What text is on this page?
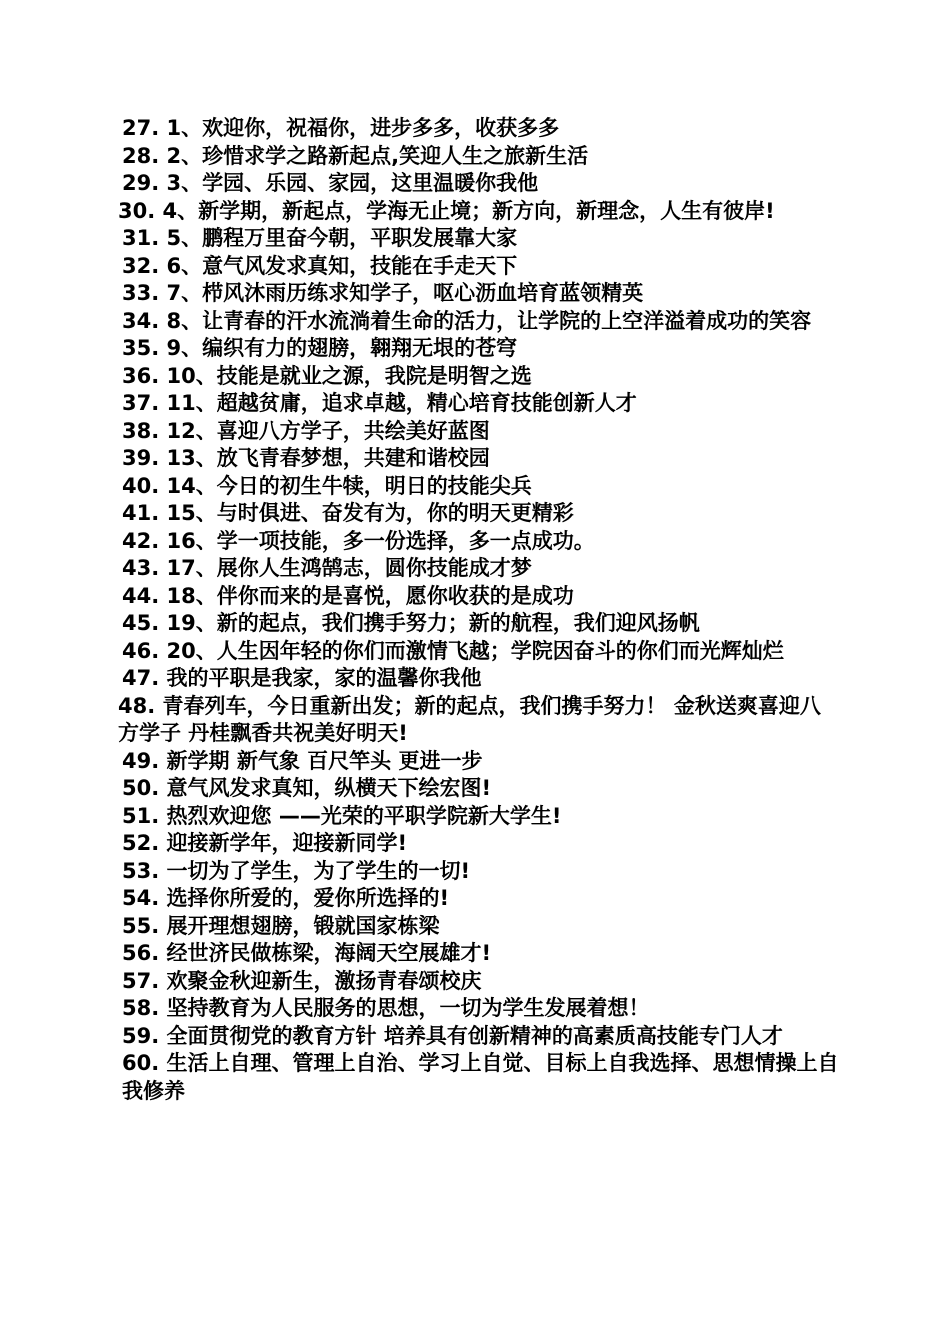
27. 1、欢迎你，祝福你，进步多多，收获多多

28. 2、珍惜求学之路新起点,笑迎人生之旅新生活

29. 3、学园、乐园、家园，这里温暖你我他

30. 4、新学期，新起点，学海无止境；新方向，新理念，人生有彼岸!

31. 5、鹏程万里奋今朝，平职发展靠大家

32. 6、意气风发求真知，技能在手走天下

33. 7、栉风沐雨历练求知学子，呕心沥血培育蓝领精英

34. 8、让青春的汗水流淌着生命的活力，让学院的上空洋溢着成功的笑容

35. 9、编织有力的翅膀，翱翔无垠的苍穹

36. 10、技能是就业之源，我院是明智之选

37. 11、超越贫庸，追求卓越，精心培育技能创新人才

38. 12、喜迎八方学子，共绘美好蓝图

39. 13、放飞青春梦想，共建和谐校园

40. 14、今日的初生牛犊，明日的技能尖兵

41. 15、与时俱进、奋发有为，你的明天更精彩

42. 16、学一项技能，多一份选择，多一点成功。

43. 17、展你人生鸿鹄志，圆你技能成才梦

44. 18、伴你而来的是喜悦，愿你收获的是成功

45. 19、新的起点，我们携手努力；新的航程，我们迎风扬帆

46. 20、人生因年轻的你们而激情飞越；学院因奋斗的你们而光辉灿烂

47. 我的平职是我家，家的温馨你我他

48. 青春列车，今日重新出发；新的起点，我们携手努力！ 金秋送爽喜迎八方学子 丹桂飘香共祝美好明天!

49. 新学期 新气象 百尺竿头 更进一步

50. 意气风发求真知，纵横天下绘宏图!

51. 热烈欢迎您 ——光荣的平职学院新大学生!

52. 迎接新学年，迎接新同学!

53. 一切为了学生，为了学生的一切!

54. 选择你所爱的，爱你所选择的!

55. 展开理想翅膀，锻就国家栋梁

56. 经世济民做栋梁，海阔天空展雄才!

57. 欢聚金秋迎新生，激扬青春颂校庆

58. 坚持教育为人民服务的思想，一切为学生发展着想！

59. 全面贯彻党的教育方针 培养具有创新精神的高素质高技能专门人才

60. 生活上自理、管理上自治、学习上自觉、目标上自我选择、思想情操上自我修养
